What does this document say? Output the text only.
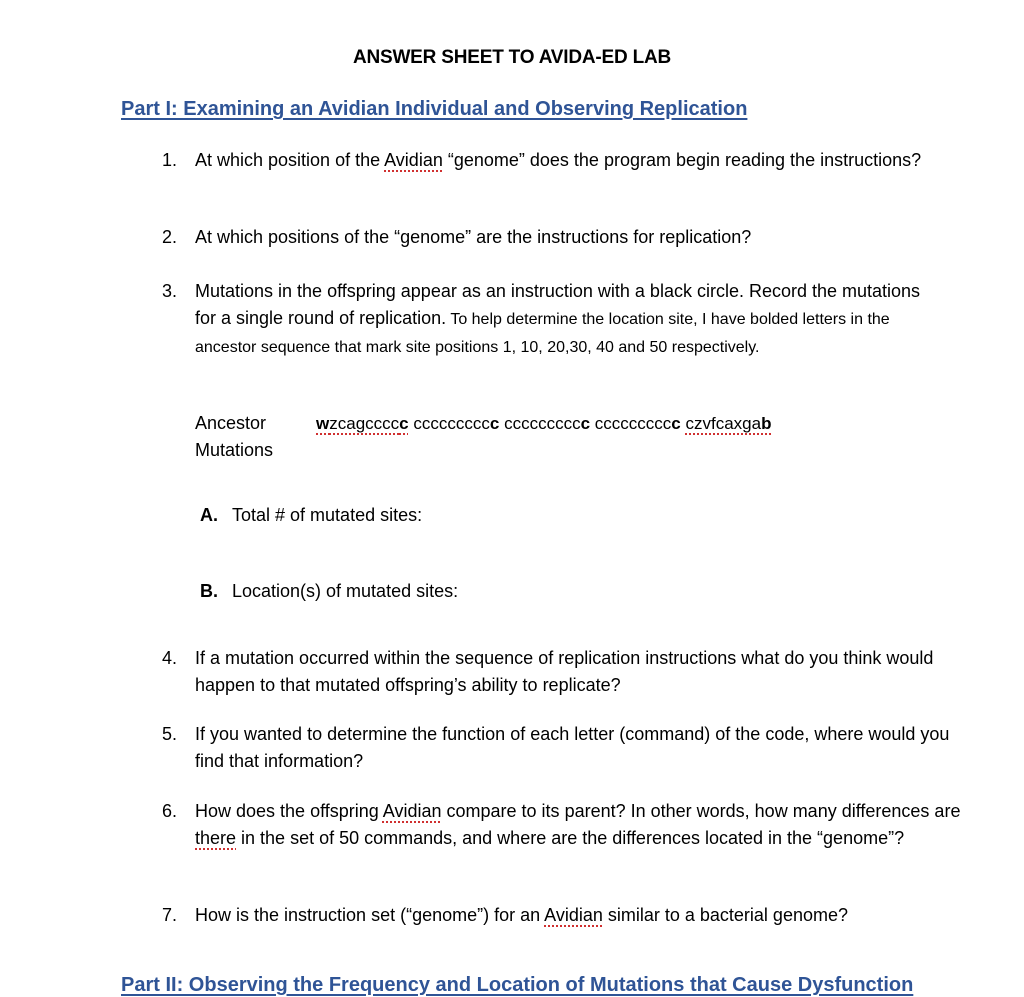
ANSWER SHEET TO AVIDA-ED LAB
Part I: Examining an Avidian Individual and Observing Replication
1. At which position of the Avidian “genome” does the program begin reading the instructions?
2. At which positions of the “genome” are the instructions for replication?
3. Mutations in the offspring appear as an instruction with a black circle. Record the mutations for a single round of replication. To help determine the location site, I have bolded letters in the ancestor sequence that mark site positions 1, 10, 20,30, 40 and 50 respectively.
Ancestor
Mutations
wzcagccccc cccccccccc cccccccccc cccccccccc czvfcaxgab
A. Total # of mutated sites:
B. Location(s) of mutated sites:
4. If a mutation occurred within the sequence of replication instructions what do you think would happen to that mutated offspring’s ability to replicate?
5. If you wanted to determine the function of each letter (command) of the code, where would you find that information?
6. How does the offspring Avidian compare to its parent? In other words, how many differences are there in the set of 50 commands, and where are the differences located in the “genome”?
7. How is the instruction set (“genome”) for an Avidian similar to a bacterial genome?
Part II: Observing the Frequency and Location of Mutations that Cause Dysfunction
